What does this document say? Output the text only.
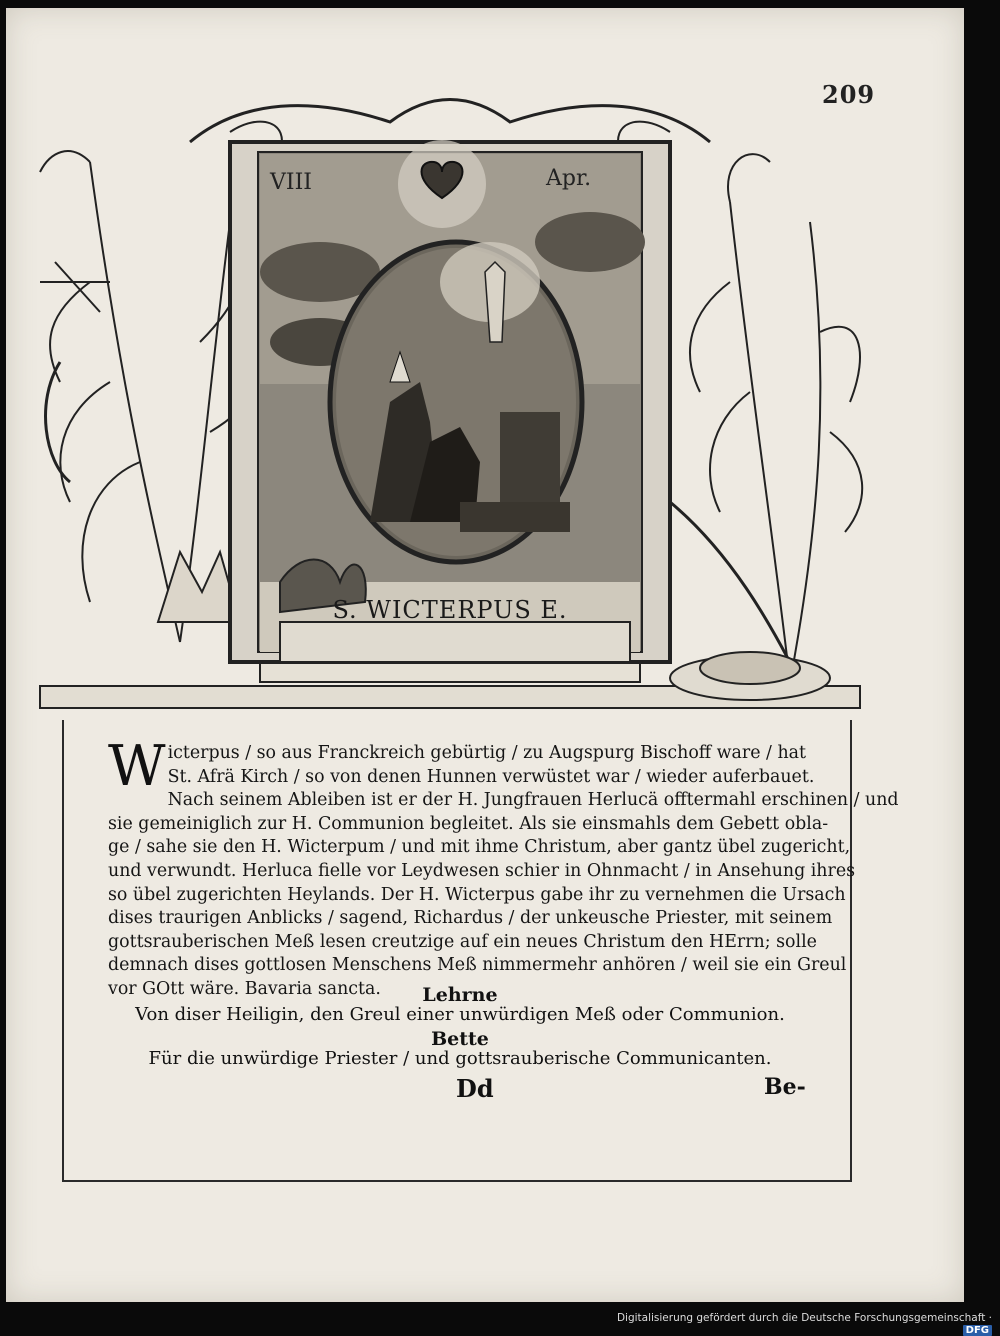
209
VIII	Apr.
S. WICTERPUS E.
W icterpus / so aus Franckreich gebürtig / zu Augspurg Bischoff ware / hat
St. Afrä Kirch / so von denen Hunnen verwüstet war / wieder auferbauet.
Nach seinem Ableiben ist er der H. Jungfrauen Herlucä offtermahl erschinen / und
sie gemeiniglich zur H. Communion begleitet. Als sie einsmahls dem Gebett obla-
ge / sahe sie den H. Wicterpum / und mit ihme Christum, aber gantz übel zugericht,
und verwundt. Herluca fielle vor Leydwesen schier in Ohnmacht / in Ansehung ihres
so übel zugerichten Heylands. Der H. Wicterpus gabe ihr zu vernehmen die Ursach
dises traurigen Anblicks / sagend, Richardus / der unkeusche Priester, mit seinem
gottsrauberischen Meß lesen creutzige auf ein neues Christum den HErrn; solle
demnach dises gottlosen Menschens Meß nimmermehr anhören / weil sie ein Greul
vor GOtt wäre. Bavaria sancta.	Lehrne
Von diser Heiligin, den Greul einer unwürdigen Meß oder Communion.
Bette
Für die unwürdige Priester / und gottsrauberische Communicanten.
Dd	Be-
Digitalisierung gefördert durch die Deutsche Forschungsgemeinschaft ·DFG
